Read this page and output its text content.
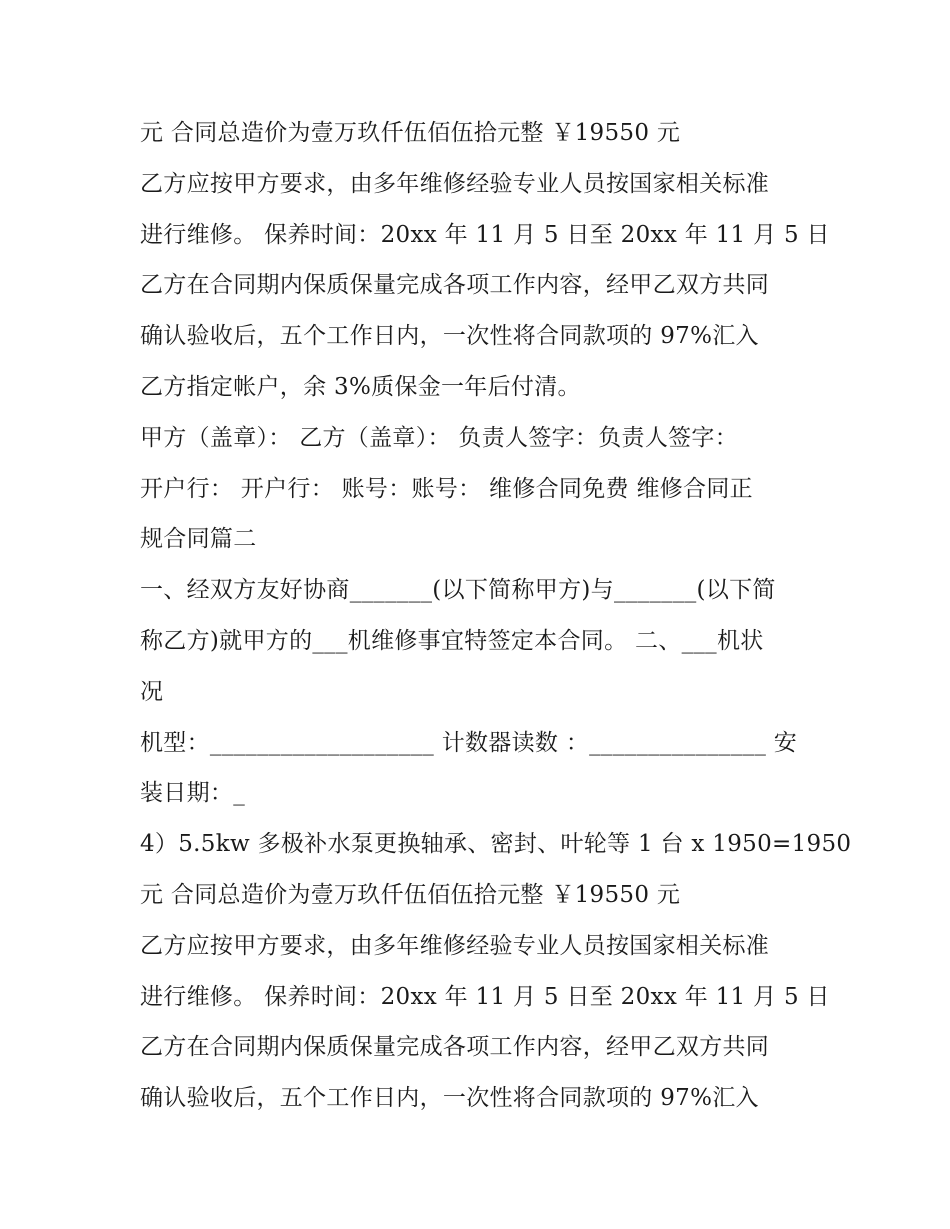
元 合同总造价为壹万玖仟伍佰伍拾元整 ￥19550 元
乙方应按甲方要求，由多年维修经验专业人员按国家相关标准
进行维修。 保养时间：20xx 年 11 月 5 日至 20xx 年 11 月 5 日
乙方在合同期内保质保量完成各项工作内容，经甲乙双方共同
确认验收后，五个工作日内，一次性将合同款项的 97%汇入
乙方指定帐户，余 3%质保金一年后付清。
甲方（盖章）： 乙方（盖章）： 负责人签字：负责人签字：
开户行： 开户行： 账号：账号： 维修合同免费 维修合同正
规合同篇二
一、经双方友好协商_______(以下简称甲方)与_______(以下简
称乙方)就甲方的___机维修事宜特签定本合同。 二、___机状
况
机型：___________________ 计数器读数 ：_______________ 安
装日期：_
4）5.5kw 多极补水泵更换轴承、密封、叶轮等 1 台 x 1950=1950
元 合同总造价为壹万玖仟伍佰伍拾元整 ￥19550 元
乙方应按甲方要求，由多年维修经验专业人员按国家相关标准
进行维修。 保养时间：20xx 年 11 月 5 日至 20xx 年 11 月 5 日
乙方在合同期内保质保量完成各项工作内容，经甲乙双方共同
确认验收后，五个工作日内，一次性将合同款项的 97%汇入
